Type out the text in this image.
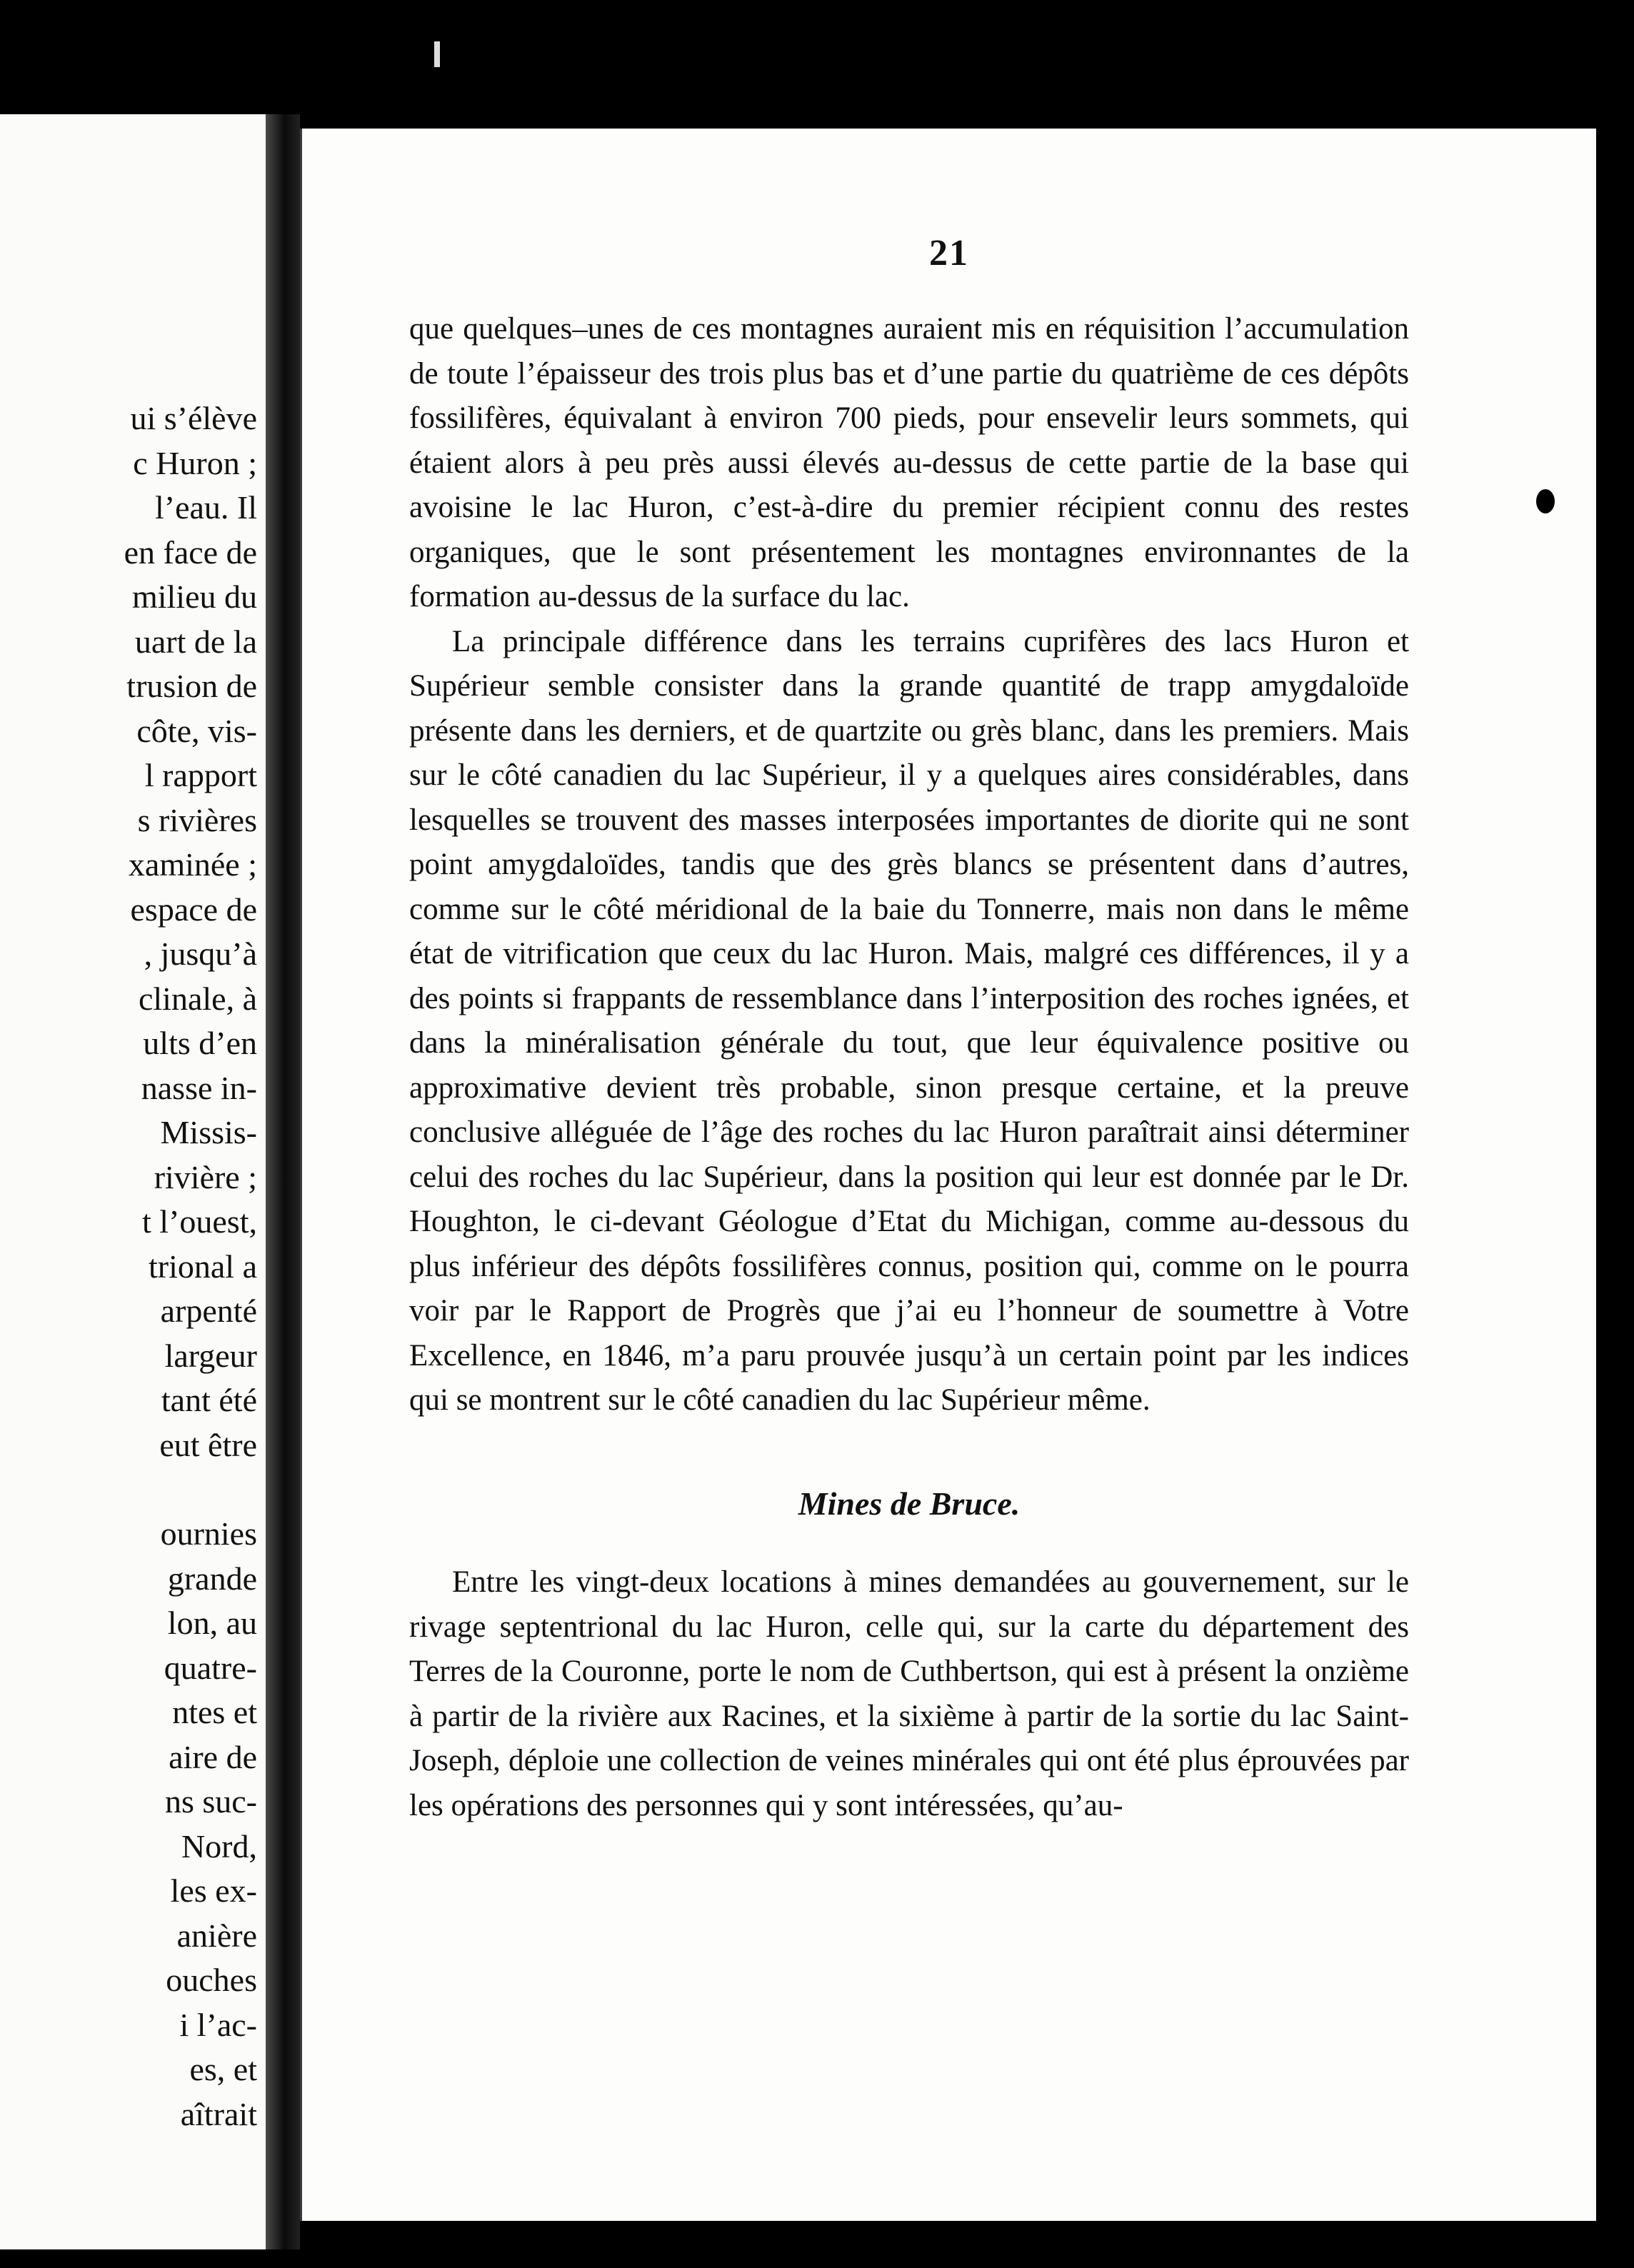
ui s’élève
c Huron ;
l’eau. Il
en face de
milieu du
uart de la
trusion de
côte, vis-
l rapport
s rivières
xaminée ;
espace de
, jusqu’à
clinale, à
ults d’en
nasse in-
Missis-
rivière ;
t l’ouest,
trional a
arpenté
largeur
tant été
eut être
ournies
grande
lon, au
quatre-
ntes et
aire de
ns suc-
Nord,
les ex-
anière
ouches
i l’ac-
es, et
aîtrait
21

que quelques–unes de ces montagnes auraient mis en réquisition l’accumulation de toute l’épaisseur des trois plus bas et d’une partie du quatrième de ces dépôts fossilifères, équivalant à environ 700 pieds, pour ensevelir leurs sommets, qui étaient alors à peu près aussi élevés au-dessus de cette partie de la base qui avoisine le lac Huron, c’est-à-dire du premier récipient connu des restes organiques, que le sont présentement les montagnes environnantes de la formation au-dessus de la surface du lac.

La principale différence dans les terrains cuprifères des lacs Huron et Supérieur semble consister dans la grande quantité de trapp amygdaloïde présente dans les derniers, et de quartzite ou grès blanc, dans les premiers. Mais sur le côté canadien du lac Supérieur, il y a quelques aires considérables, dans lesquelles se trouvent des masses interposées importantes de diorite qui ne sont point amygdaloïdes, tandis que des grès blancs se présentent dans d’autres, comme sur le côté méridional de la baie du Tonnerre, mais non dans le même état de vitrification que ceux du lac Huron. Mais, malgré ces différences, il y a des points si frappants de ressemblance dans l’interposition des roches ignées, et dans la minéralisation générale du tout, que leur équivalence positive ou approximative devient très probable, sinon presque certaine, et la preuve conclusive alléguée de l’âge des roches du lac Huron paraîtrait ainsi déterminer celui des roches du lac Supérieur, dans la position qui leur est donnée par le Dr. Houghton, le ci-devant Géologue d’Etat du Michigan, comme au-dessous du plus inférieur des dépôts fossilifères connus, position qui, comme on le pourra voir par le Rapport de Progrès que j’ai eu l’honneur de soumettre à Votre Excellence, en 1846, m’a paru prouvée jusqu’à un certain point par les indices qui se montrent sur le côté canadien du lac Supérieur même.

Mines de Bruce.

Entre les vingt-deux locations à mines demandées au gouvernement, sur le rivage septentrional du lac Huron, celle qui, sur la carte du département des Terres de la Couronne, porte le nom de Cuthbertson, qui est à présent la onzième à partir de la rivière aux Racines, et la sixième à partir de la sortie du lac Saint-Joseph, déploie une collection de veines minérales qui ont été plus éprouvées par les opérations des personnes qui y sont intéressées, qu’au-
